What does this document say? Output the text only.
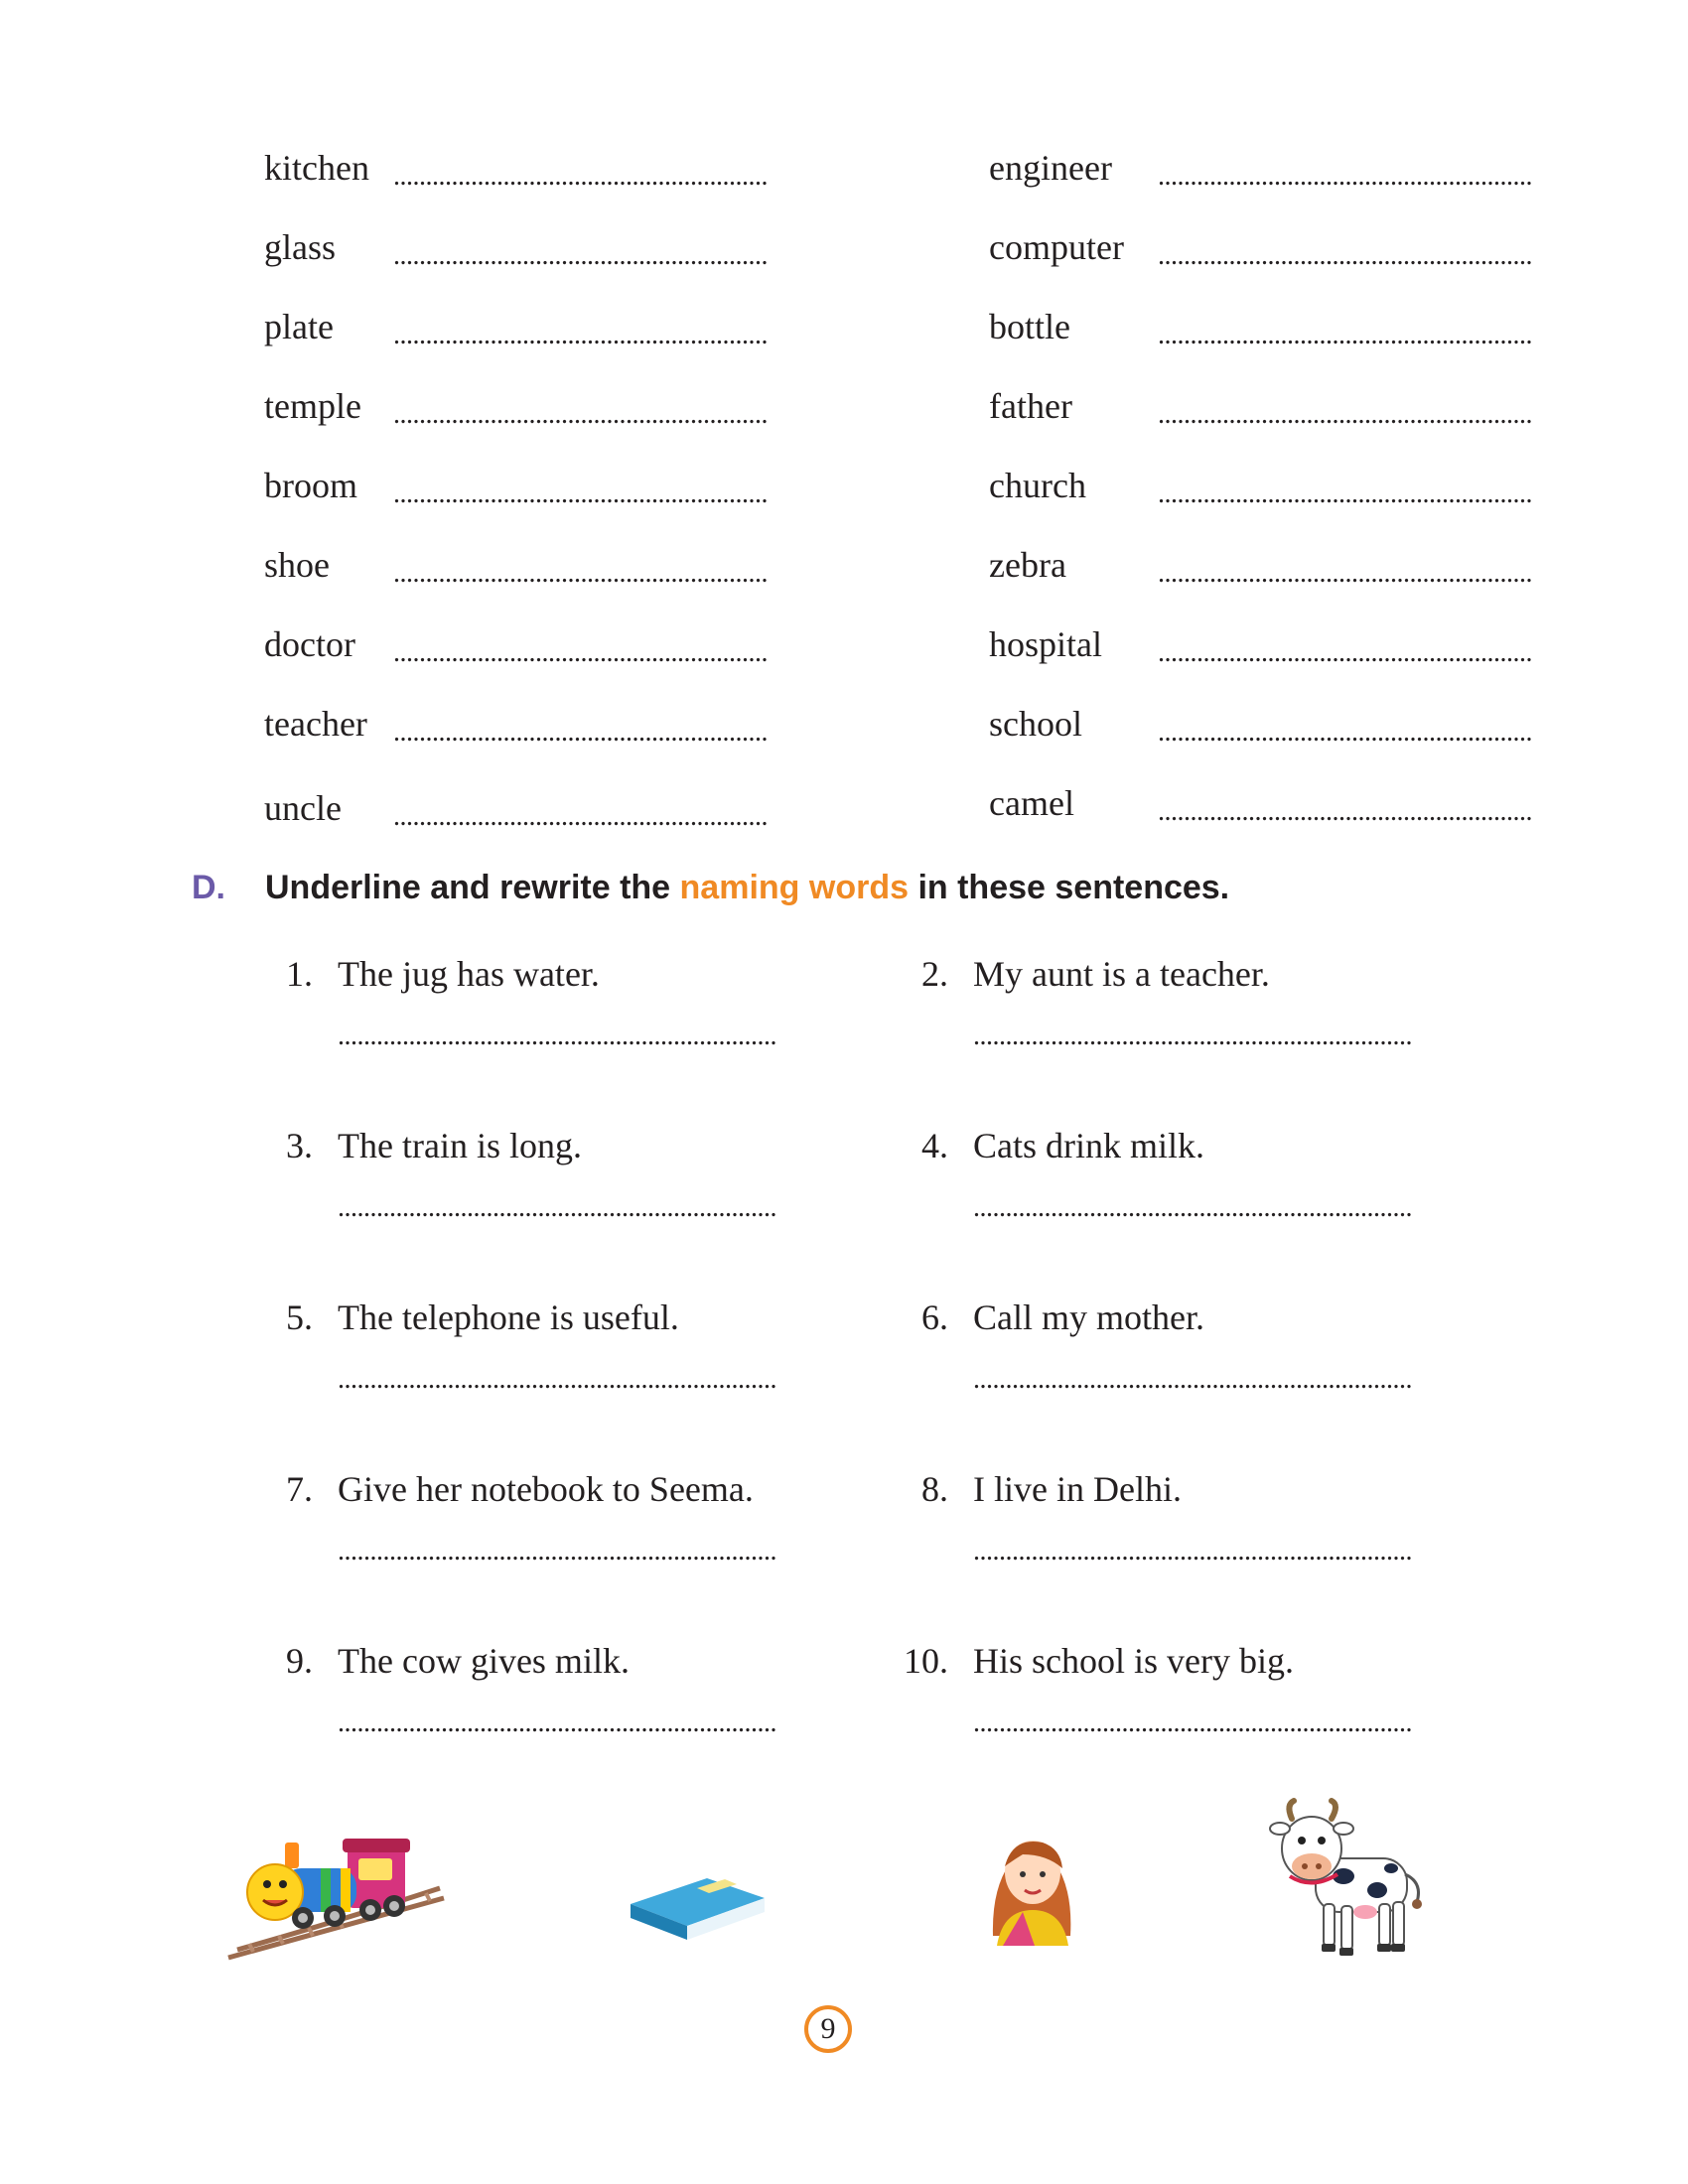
kitchen ..........................................................
glass ..........................................................
plate ..........................................................
temple ..........................................................
broom ..........................................................
shoe ..........................................................
doctor ..........................................................
teacher ..........................................................
uncle ..........................................................
engineer ..........................................................
computer ..........................................................
bottle	..........................................................
father	..........................................................
church	..........................................................
zebra	..........................................................
hospital ..........................................................
school	..........................................................
camel	..........................................................
D. Underline and rewrite the naming words in these sentences.
1. The jug has water.
....................................................................
2. My aunt is a teacher.
....................................................................
3. The train is long.
....................................................................
4. Cats drink milk.
....................................................................
5. The telephone is useful.
....................................................................
6. Call my mother.
....................................................................
7. Give her notebook to Seema.
....................................................................
8. I live in Delhi.
....................................................................
9. The cow gives milk.
....................................................................
10. His school is very big.
....................................................................
9
